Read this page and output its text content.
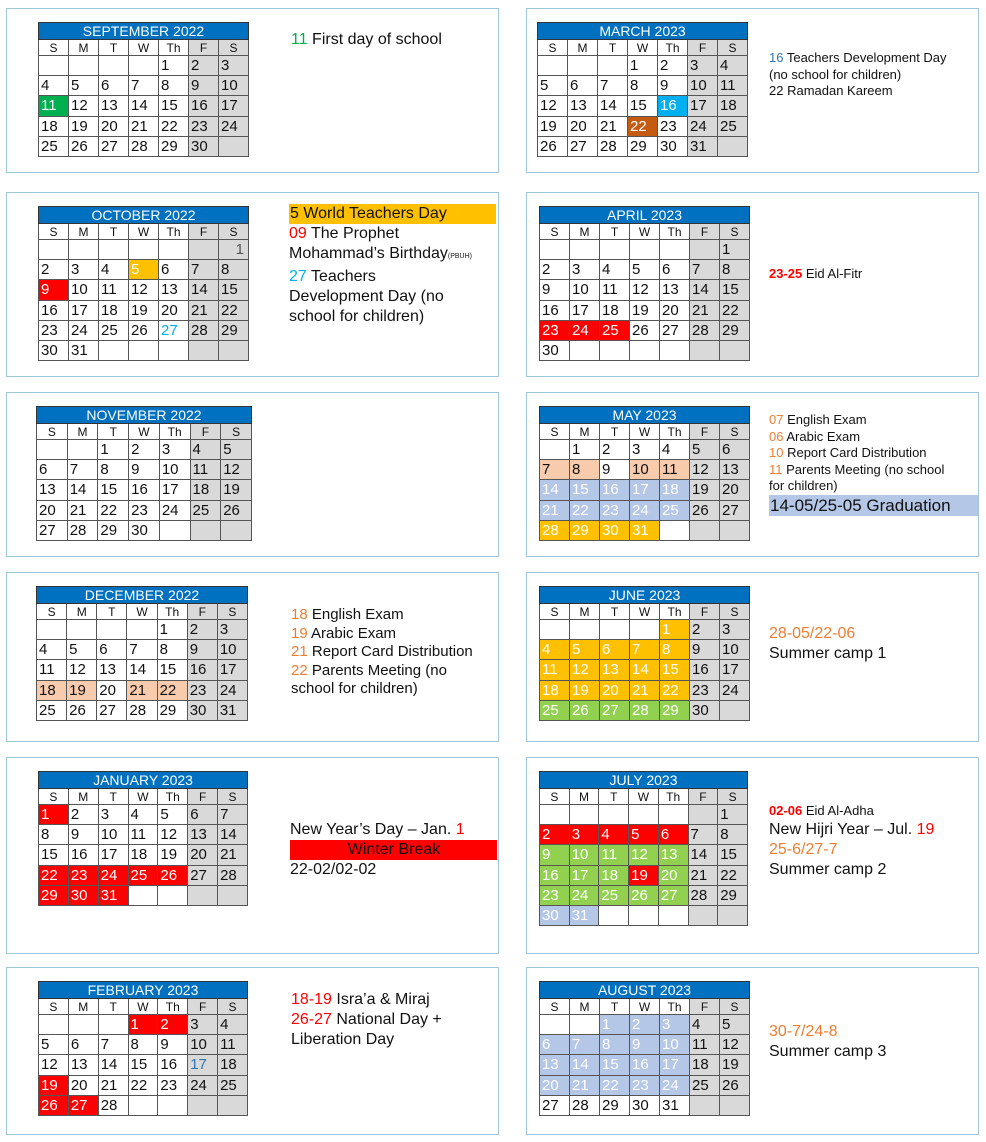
SEPTEMBER 2022						
S	M	T	W	Th	F	S
				1	2	3
4	5	6	7	8	9	10
11	12	13	14	15	16	17
18	19	20	21	22	23	24
25	26	27	28	29	30	
11 First day of school
OCTOBER 2022						
S	M	T	W	Th	F	S
						1
2	3	4	5	6	7	8
9	10	11	12	13	14	15
16	17	18	19	20	21	22
23	24	25	26	27	28	29
30	31					
5 World Teachers Day
09 The Prophet
Mohammad’s Birthday(PBUH)
27 Teachers
Development Day (no
school for children)
NOVEMBER 2022						
S	M	T	W	Th	F	S
		1	2	3	4	5
6	7	8	9	10	11	12
13	14	15	16	17	18	19
20	21	22	23	24	25	26
27	28	29	30			
DECEMBER 2022						
S	M	T	W	Th	F	S
				1	2	3
4	5	6	7	8	9	10
11	12	13	14	15	16	17
18	19	20	21	22	23	24
25	26	27	28	29	30	31
18 English Exam
19 Arabic Exam
21 Report Card Distribution
22 Parents Meeting (no
school for children)
JANUARY 2023						
S	M	T	W	Th	F	S
1	2	3	4	5	6	7
8	9	10	11	12	13	14
15	16	17	18	19	20	21
22	23	24	25	26	27	28
29	30	31				
New Year’s Day – Jan. 1
Winter Break
22-02/02-02
FEBRUARY 2023						
S	M	T	W	Th	F	S
			1	2	3	4
5	6	7	8	9	10	11
12	13	14	15	16	17	18
19	20	21	22	23	24	25
26	27	28				
18-19 Isra’a & Miraj
26-27 National Day +
Liberation Day
MARCH 2023						
S	M	T	W	Th	F	S
			1	2	3	4
5	6	7	8	9	10	11
12	13	14	15	16	17	18
19	20	21	22	23	24	25
26	27	28	29	30	31	
16 Teachers Development Day
(no school for children)
22 Ramadan Kareem
APRIL 2023						
S	M	T	W	Th	F	S
						1
2	3	4	5	6	7	8
9	10	11	12	13	14	15
16	17	18	19	20	21	22
23	24	25	26	27	28	29
30						
23-25 Eid Al-Fitr
MAY 2023						
S	M	T	W	Th	F	S
	1	2	3	4	5	6
7	8	9	10	11	12	13
14	15	16	17	18	19	20
21	22	23	24	25	26	27
28	29	30	31			
07 English Exam
06 Arabic Exam
10 Report Card Distribution
11 Parents Meeting (no school
for children)
14-05/25-05 Graduation
JUNE 2023						
S	M	T	W	Th	F	S
				1	2	3
4	5	6	7	8	9	10
11	12	13	14	15	16	17
18	19	20	21	22	23	24
25	26	27	28	29	30	
28-05/22-06
Summer camp 1
JULY 2023						
S	M	T	W	Th	F	S
						1
2	3	4	5	6	7	8
9	10	11	12	13	14	15
16	17	18	19	20	21	22
23	24	25	26	27	28	29
30	31					
02-06 Eid Al-Adha
New Hijri Year – Jul. 19
25-6/27-7
Summer camp 2
AUGUST 2023						
S	M	T	W	Th	F	S
		1	2	3	4	5
6	7	8	9	10	11	12
13	14	15	16	17	18	19
20	21	22	23	24	25	26
27	28	29	30	31		
30-7/24-8
Summer camp 3
